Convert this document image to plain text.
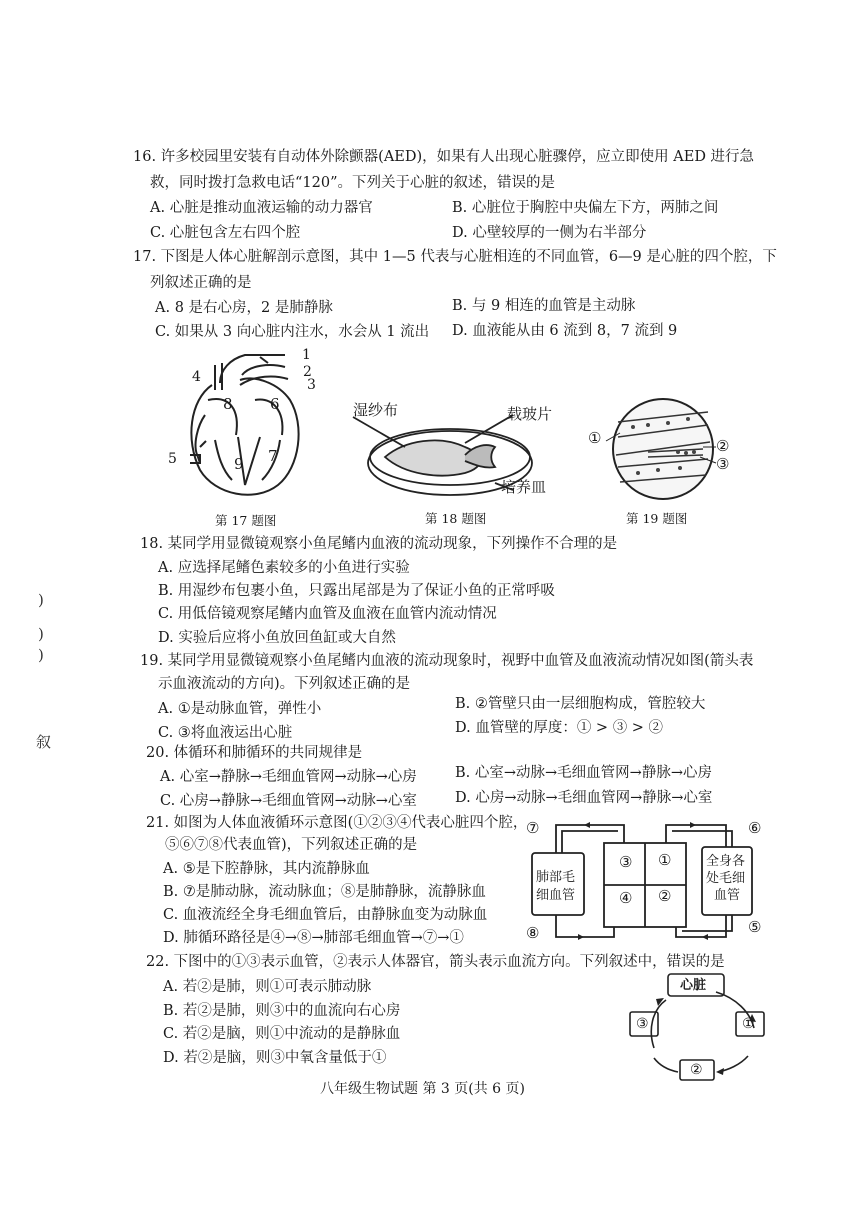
16. 许多校园里安装有自动体外除颤器(AED)，如果有人出现心脏骤停，应立即使用 AED 进行急
救，同时拨打急救电话“120”。下列关于心脏的叙述，错误的是
A. 心脏是推动血液运输的动力器官	B. 心脏位于胸腔中央偏左下方，两肺之间
C. 心脏包含左右四个腔	D. 心壁较厚的一侧为右半部分
17. 下图是人体心脏解剖示意图，其中 1—5 代表与心脏相连的不同血管，6—9 是心脏的四个腔，下
列叙述正确的是
A. 8 是右心房，2 是肺静脉	B. 与 9 相连的血管是主动脉
C. 如果从 3 向心脏内注水，水会从 1 流出 D. 血液能从由 6 流到 8，7 流到 9
1
2
3
4
5
6
7
8
9
第 17 题图
湿纱布	载玻片
培养皿
第 18 题图
①	②
③
第 19 题图
18. 某同学用显微镜观察小鱼尾鳍内血液的流动现象，下列操作不合理的是
A. 应选择尾鳍色素较多的小鱼进行实验
B. 用湿纱布包裹小鱼，只露出尾部是为了保证小鱼的正常呼吸
C. 用低倍镜观察尾鳍内血管及血液在血管内流动情况
D. 实验后应将小鱼放回鱼缸或大自然
19. 某同学用显微镜观察小鱼尾鳍内血液的流动现象时，视野中血管及血液流动情况如图(箭头表
示血液流动的方向)。下列叙述正确的是
A. ①是动脉血管，弹性小	B. ②管壁只由一层细胞构成，管腔较大
C. ③将血液运出心脏	D. 血管壁的厚度：① > ③ > ②
20. 体循环和肺循环的共同规律是
A. 心室→静脉→毛细血管网→动脉→心房	B. 心室→动脉→毛细血管网→静脉→心房
C. 心房→静脉→毛细血管网→动脉→心室	D. 心房→动脉→毛细血管网→静脉→心室
21. 如图为人体血液循环示意图(①②③④代表心脏四个腔，
⑤⑥⑦⑧代表血管)，下列叙述正确的是
A. ⑤是下腔静脉，其内流静脉血
B. ⑦是肺动脉，流动脉血；⑧是肺静脉，流静脉血
C. 血液流经全身毛细血管后，由静脉血变为动脉血
D. 肺循环路径是④→⑧→肺部毛细血管→⑦→①
⑦	⑥
⑧	⑤
③ ①
④ ②
肺部毛
细血管
全身各
处毛细
血管
22. 下图中的①③表示血管，②表示人体器官，箭头表示血流方向。下列叙述中，错误的是
A. 若②是肺，则①可表示肺动脉
B. 若②是肺，则③中的血流向右心房
C. 若②是脑，则①中流动的是静脉血
D. 若②是脑，则③中氧含量低于①
心脏
③	①
②
八年级生物试题 第 3 页(共 6 页)
)
)
)
叙
